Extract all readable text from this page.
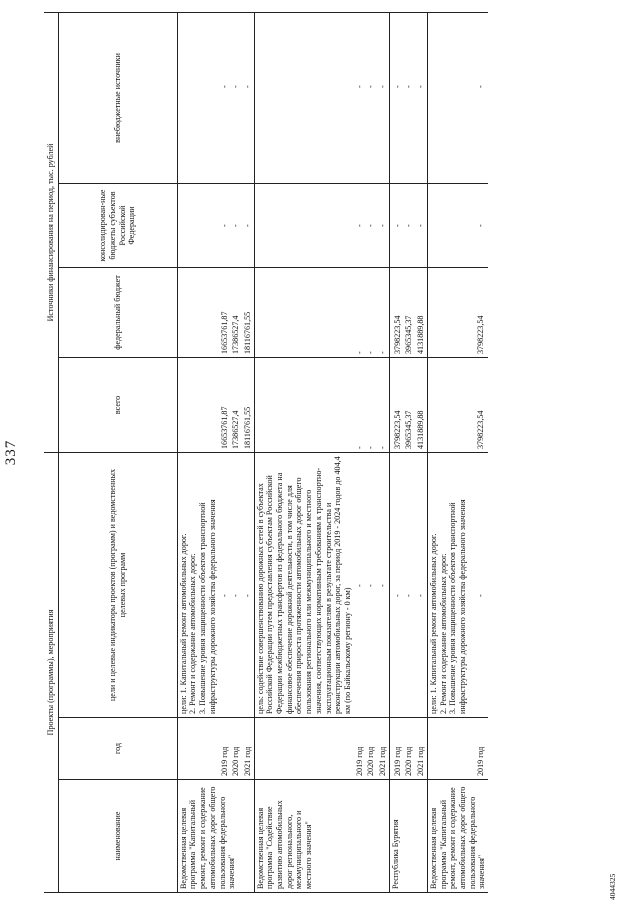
337
Проекты (программы), мероприятия			Источники финансирования на период, тыс. рублей			
наименование	год	цели и целевые индикаторы проектов (программ) и ведомственных целевых программ	всего	федеральный бюджет	консолидирован-ные бюджеты субъектов Российской Федерации	внебюджетные источники
Ведомственная целевая программа "Капитальный ремонт, ремонт и содержание автомобильных дорог общего пользования федерального значения"		цели: 1. Капитальный ремонт автомобильных дорог.
2. Ремонт и содержание автомобильных дорог.
3. Повышение уровня защищенности объектов транспортной инфраструктуры дорожного хозяйства федерального значения				
	2019 год	-	16653761,87	16653761,87	-	-
	2020 год	-	17386527,4	17386527,4	-	-
	2021 год	-	18116761,55	18116761,55	-	-
Ведомственная целевая программа "Содействие развитию автомобильных дорог регионального, межмуниципального и местного значения"		цель: содействие совершенствованию дорожных сетей в субъектах Российской Федерации путем предоставления субъектам Российской Федерации межбюджетных трансфертов из федерального бюджета на финансовое обеспечение дорожной деятельности, в том числе для обеспечения прироста протяженности автомобильных дорог общего пользования регионального или межмуниципального и местного значения, соответствующих нормативным требованиям к транспортно-эксплуатационным показателям в результате строительства и реконструкции автомобильных дорог, за период 2019 - 2024 годов до 404,4 км (по Байкальскому региону - 0 км)				
	2019 год	-	-	-	-	-
	2020 год	-	-	-	-	-
	2021 год	-	-	-	-	-
Республика Бурятия						
	2019 год	-	3798223,54	3798223,54	-	-
	2020 год	-	3965345,37	3965345,37	-	-
	2021 год	-	4131889,88	4131889,88	-	-
Ведомственная целевая программа "Капитальный ремонт, ремонт и содержание автомобильных дорог общего пользования федерального значения"		цели: 1. Капитальный ремонт автомобильных дорог.
2. Ремонт и содержание автомобильных дорог.
3. Повышение уровня защищенности объектов транспортной инфраструктуры дорожного хозяйства федерального значения				
	2019 год	-	3798223,54	3798223,54	-	-
4044325
